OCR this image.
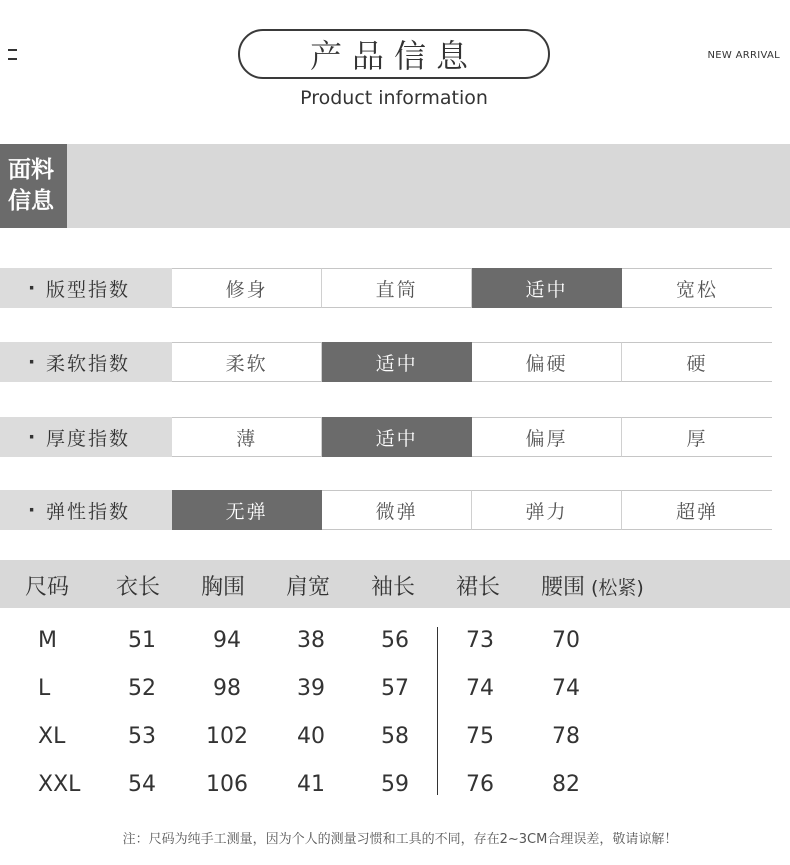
产品信息
Product information
NEW ARRIVAL
面料
信息
· 版型指数	修身	直筒	适中	宽松
· 柔软指数	柔软	适中	偏硬	硬
· 厚度指数	薄	适中	偏厚	厚
· 弹性指数	无弹	微弹	弹力	超弹
尺码 衣长 胸围 肩宽 袖长 裙长 腰围 (松紧)
M	51	94	38	56	73	70
L	52	98	39	57	74	74
XL	53 102 40	58	75	78
XXL 54 106 41	59	76	82
注：尺码为纯手工测量，因为个人的测量习惯和工具的不同，存在2~3CM合理误差，敬请谅解！
